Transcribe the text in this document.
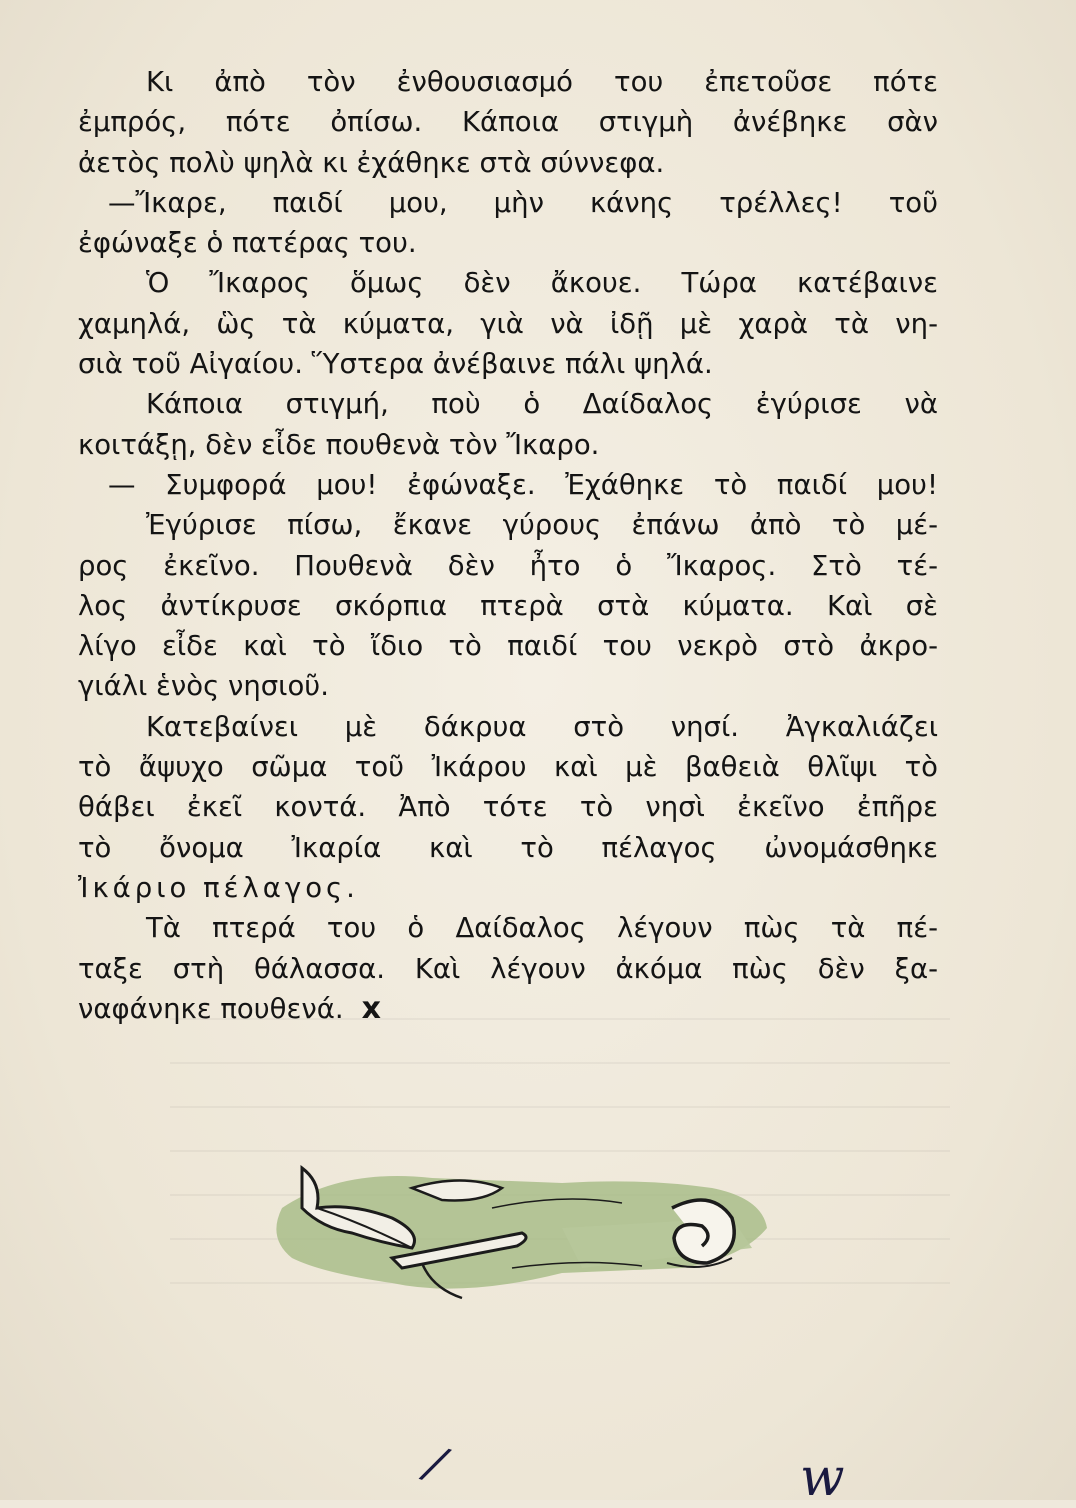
Κι ἀπὸ τὸν ἐνθουσιασμό του ἐπετοῦσε πότε
ἐμπρός, πότε ὀπίσω. Κάποια στιγμὴ ἀνέβηκε σὰν
ἀετὸς πολὺ ψηλὰ κι ἐχάθηκε στὰ σύννεφα.
—Ἴκαρε, παιδί μου, μὴν κάνης τρέλλες! τοῦ
ἐφώναξε ὁ πατέρας του.
Ὁ Ἴκαρος ὅμως δὲν ἄκουε. Τώρα κατέβαινε
χαμηλά, ὣς τὰ κύματα, γιὰ νὰ ἰδῇ μὲ χαρὰ τὰ νη-
σιὰ τοῦ Αἰγαίου. Ὕστερα ἀνέβαινε πάλι ψηλά.
Κάποια στιγμή, ποὺ ὁ Δαίδαλος ἐγύρισε νὰ
κοιτάξῃ, δὲν εἶδε πουθενὰ τὸν Ἴκαρο.
— Συμφορά μου! ἐφώναξε. Ἐχάθηκε τὸ παιδί μου!
Ἐγύρισε πίσω, ἔκανε γύρους ἐπάνω ἀπὸ τὸ μέ-
ρος ἐκεῖνο. Πουθενὰ δὲν ἦτο ὁ Ἴκαρος. Στὸ τέ-
λος ἀντίκρυσε σκόρπια πτερὰ στὰ κύματα. Καὶ σὲ
λίγο εἶδε καὶ τὸ ἴδιο τὸ παιδί του νεκρὸ στὸ ἀκρο-
γιάλι ἑνὸς νησιοῦ.
Κατεβαίνει μὲ δάκρυα στὸ νησί. Ἀγκαλιάζει
τὸ ἄψυχο σῶμα τοῦ Ἰκάρου καὶ μὲ βαθειὰ θλῖψι τὸ
θάβει ἐκεῖ κοντά. Ἀπὸ τότε τὸ νησὶ ἐκεῖνο ἐπῆρε
τὸ ὄνομα Ἰκαρία καὶ τὸ πέλαγος ὠνομάσθηκε
Ἰκάριο πέλαγος.
Τὰ πτερά του ὁ Δαίδαλος λέγουν πὼς τὰ πέ-
ταξε στὴ θάλασσα. Καὶ λέγουν ἀκόμα πὼς δὲν ξα-
ναφάνηκε πουθενά. x
/	w
